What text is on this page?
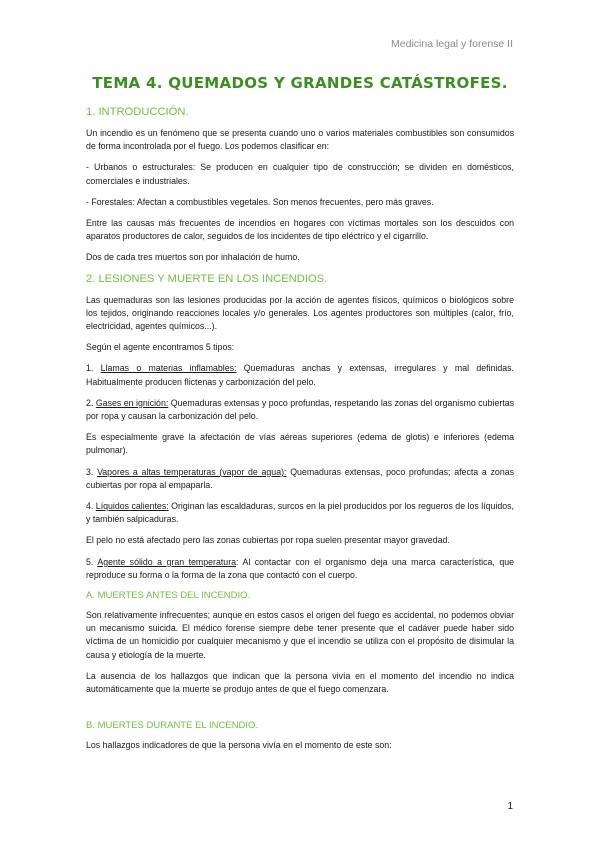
Medicina legal y forense II
TEMA 4. QUEMADOS Y GRANDES CATÁSTROFES.
1. INTRODUCCIÓN.

Un incendio es un fenómeno que se presenta cuando uno o varios materiales combustibles son consumidos de forma incontrolada por el fuego. Los podemos clasificar en:

- Urbanos o estructurales: Se producen en cualquier tipo de construcción; se dividen en domésticos, comerciales e industriales.

- Forestales: Afectan a combustibles vegetales. Son menos frecuentes, pero más graves.

Entre las causas más frecuentes de incendios en hogares con víctimas mortales son los descuidos con aparatos productores de calor, seguidos de los incidentes de tipo eléctrico y el cigarrillo.

Dos de cada tres muertos son por inhalación de humo.

2. LESIONES Y MUERTE EN LOS INCENDIOS.

Las quemaduras son las lesiones producidas por la acción de agentes físicos, químicos o biológicos sobre los tejidos, originando reacciones locales y/o generales. Los agentes productores son múltiples (calor, frío, electricidad, agentes químicos...).

Según el agente encontramos 5 tipos:

1. Llamas o materias inflamables: Quemaduras anchas y extensas, irregulares y mal definidas. Habitualmente producen flictenas y carbonización del pelo.

2. Gases en ignición: Quemaduras extensas y poco profundas, respetando las zonas del organismo cubiertas por ropa y causan la carbonización del pelo.

Es especialmente grave la afectación de vías aéreas superiores (edema de glotis) e inferiores (edema pulmonar).

3. Vapores a altas temperaturas (vapor de agua): Quemaduras extensas, poco profundas; afecta a zonas cubiertas por ropa al empaparla.

4. Líquidos calientes: Originan las escaldaduras, surcos en la piel producidos por los regueros de los líquidos, y también salpicaduras.

El pelo no está afectado pero las zonas cubiertas por ropa suelen presentar mayor gravedad.

5. Agente sólido a gran temperatura: Al contactar con el organismo deja una marca característica, que reproduce su forma o la forma de la zona que contactó con el cuerpo.

A. MUERTES ANTES DEL INCENDIO.

Son relativamente infrecuentes; aunque en estos casos el origen del fuego es accidental, no podemos obviar un mecanismo suicida. El médico forense siempre debe tener presente que el cadáver puede haber sido víctima de un homicidio por cualquier mecanismo y que el incendio se utiliza con el propósito de disimular la causa y etiología de la muerte.

La ausencia de los hallazgos que indican que la persona vivía en el momento del incendio no indica automáticamente que la muerte se produjo antes de que el fuego comenzara.

B. MUERTES DURANTE EL INCENDIO.

Los hallazgos indicadores de que la persona vivía en el momento de este son:

1
